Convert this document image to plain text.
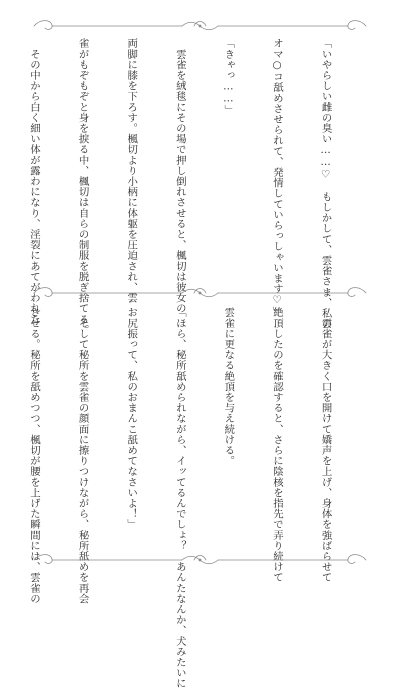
「いやらしい雌の臭い……♡　もしかして、雲雀さま、私の

オマ○コ舐めさせられて、発情していらっしゃいます♡」

「きゃっ……」

　雲雀を絨毯にその場で押し倒れさせると、楓切は彼女の

両脚に膝を下ろす。楓切より小柄に体躯を圧迫され、雲

雀がもぞもぞと身を捩る中、楓切は自らの制服を脱ぎ捨てる。

　その中から白く細い体が露わになり、淫裂にあてがわれた

　雲雀が大きく口を開けて嬌声を上げ、身体を強ばらせて

絶頂したのを確認すると、さらに陰核を指先で弄り続けて

雲雀に更なる絶頂を与え続ける。

「ほら、秘所舐められながら、イッてるんでしょ？　あんたなんか、犬みたいに

お尻振って、私のおまんこ舐めてなさいよ！」

　そして秘所を雲雀の顔面に擦りつけながら、秘所舐めを再会

させる。秘所を舐めつつ、楓切が腰を上げた瞬間には、雲雀の
